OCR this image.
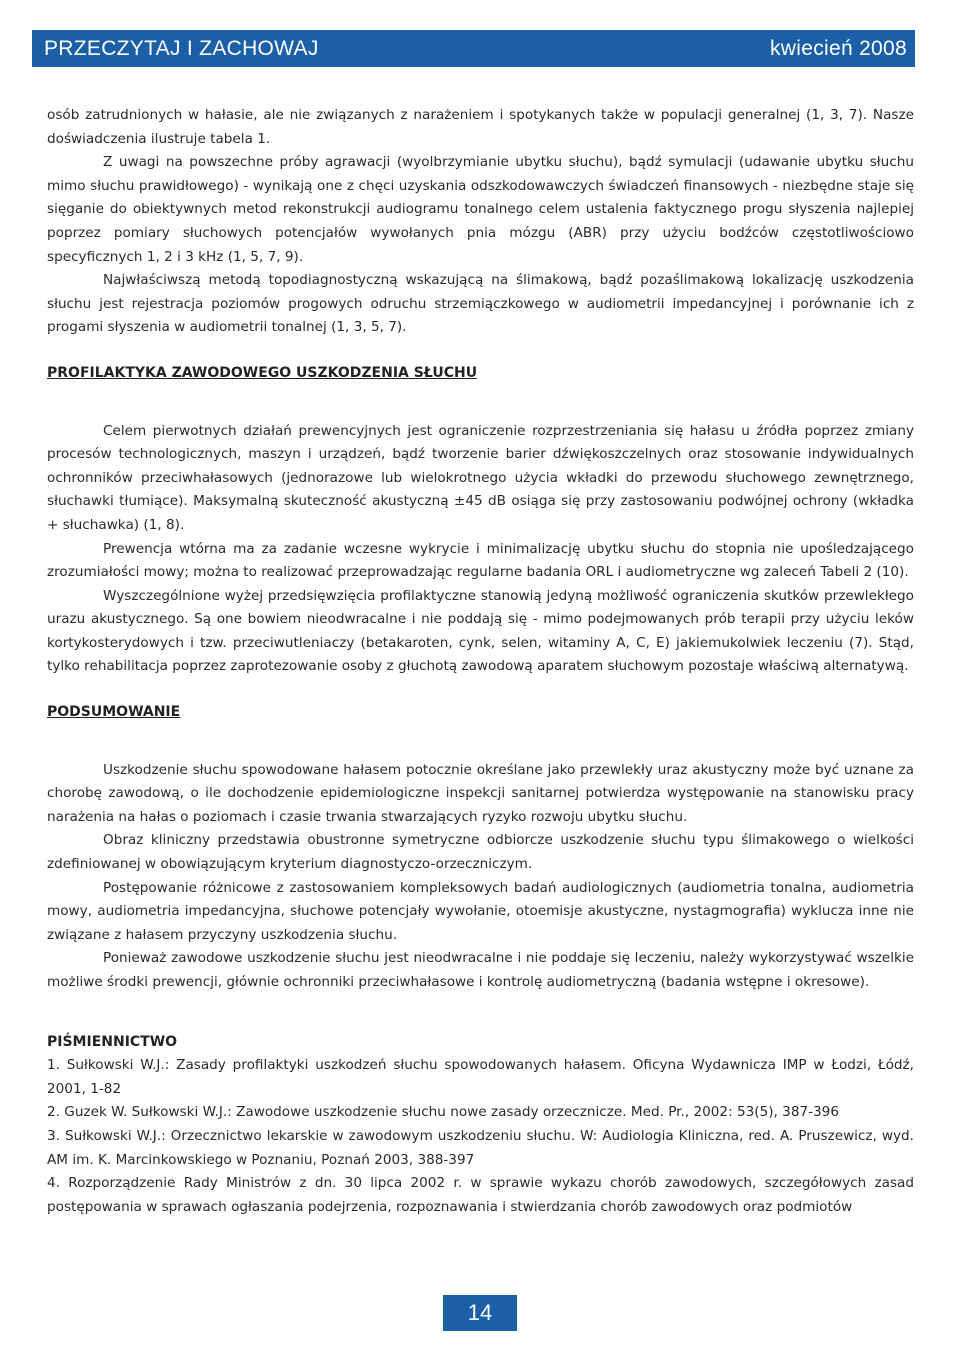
PRZECZYTAJ I ZACHOWAJ	kwiecień 2008

osób zatrudnionych w hałasie, ale nie związanych z narażeniem i spotykanych także w populacji generalnej (1, 3, 7). Nasze doświadczenia ilustruje tabela 1.

Z uwagi na powszechne próby agrawacji (wyolbrzymianie ubytku słuchu), bądź symulacji (udawanie ubytku słuchu mimo słuchu prawidłowego) - wynikają one z chęci uzyskania odszkodowawczych świadczeń finansowych - niezbędne staje się sięganie do obiektywnych metod rekonstrukcji audiogramu tonalnego celem ustalenia faktycznego progu słyszenia najlepiej poprzez pomiary słuchowych potencjałów wywołanych pnia mózgu (ABR) przy użyciu bodźców częstotliwościowo specyficznych 1, 2 i 3 kHz (1, 5, 7, 9).

Najwłaściwszą metodą topodiagnostyczną wskazującą na ślimakową, bądź pozaślimakową lokalizację uszkodzenia słuchu jest rejestracja poziomów progowych odruchu strzemiączkowego w audiometrii impedancyjnej i porównanie ich z progami słyszenia w audiometrii tonalnej (1, 3, 5, 7).

PROFILAKTYKA ZAWODOWEGO USZKODZENIA SŁUCHU

Celem pierwotnych działań prewencyjnych jest ograniczenie rozprzestrzeniania się hałasu u źródła poprzez zmiany procesów technologicznych, maszyn i urządzeń, bądź tworzenie barier dźwiękoszczelnych oraz stosowanie indywidualnych ochronników przeciwhałasowych (jednorazowe lub wielokrotnego użycia wkładki do przewodu słuchowego zewnętrznego, słuchawki tłumiące). Maksymalną skuteczność akustyczną ±45 dB osiąga się przy zastosowaniu podwójnej ochrony (wkładka + słuchawka) (1, 8).

Prewencja wtórna ma za zadanie wczesne wykrycie i minimalizację ubytku słuchu do stopnia nie upośledzającego zrozumiałości mowy; można to realizować przeprowadzając regularne badania ORL i audiometryczne wg zaleceń Tabeli 2 (10).

Wyszczególnione wyżej przedsięwzięcia profilaktyczne stanowią jedyną możliwość ograniczenia skutków przewlekłego urazu akustycznego. Są one bowiem nieodwracalne i nie poddają się - mimo podejmowanych prób terapii przy użyciu leków kortykosterydowych i tzw. przeciwutleniaczy (betakaroten, cynk, selen, witaminy A, C, E) jakiemukolwiek leczeniu (7). Stąd, tylko rehabilitacja poprzez zaprotezowanie osoby z głuchotą zawodową aparatem słuchowym pozostaje właściwą alternatywą.

PODSUMOWANIE

Uszkodzenie słuchu spowodowane hałasem potocznie określane jako przewlekły uraz akustyczny może być uznane za chorobę zawodową, o ile dochodzenie epidemiologiczne inspekcji sanitarnej potwierdza występowanie na stanowisku pracy narażenia na hałas o poziomach i czasie trwania stwarzających ryzyko rozwoju ubytku słuchu.

Obraz kliniczny przedstawia obustronne symetryczne odbiorcze uszkodzenie słuchu typu ślimakowego o wielkości zdefiniowanej w obowiązującym kryterium diagnostyczo-orzeczniczym.

Postępowanie różnicowe z zastosowaniem kompleksowych badań audiologicznych (audiometria tonalna, audiometria mowy, audiometria impedancyjna, słuchowe potencjały wywołanie, otoemisje akustyczne, nystagmografia) wyklucza inne nie związane z hałasem przyczyny uszkodzenia słuchu.

Ponieważ zawodowe uszkodzenie słuchu jest nieodwracalne i nie poddaje się leczeniu, należy wykorzystywać wszelkie możliwe środki prewencji, głównie ochronniki przeciwhałasowe i kontrolę audiometryczną (badania wstępne i okresowe).

PIŚMIENNICTWO

1. Sułkowski W.J.: Zasady profilaktyki uszkodzeń słuchu spowodowanych hałasem. Oficyna Wydawnicza IMP w Łodzi, Łódź, 2001, 1-82

2. Guzek W. Sułkowski W.J.: Zawodowe uszkodzenie słuchu nowe zasady orzecznicze. Med. Pr., 2002: 53(5), 387-396

3. Sułkowski W.J.: Orzecznictwo lekarskie w zawodowym uszkodzeniu słuchu. W: Audiologia Kliniczna, red. A. Pruszewicz, wyd. AM im. K. Marcinkowskiego w Poznaniu, Poznań 2003, 388-397

4. Rozporządzenie Rady Ministrów z dn. 30 lipca 2002 r. w sprawie wykazu chorób zawodowych, szczegółowych zasad postępowania w sprawach ogłaszania podejrzenia, rozpoznawania i stwierdzania chorób zawodowych oraz podmiotów

14
